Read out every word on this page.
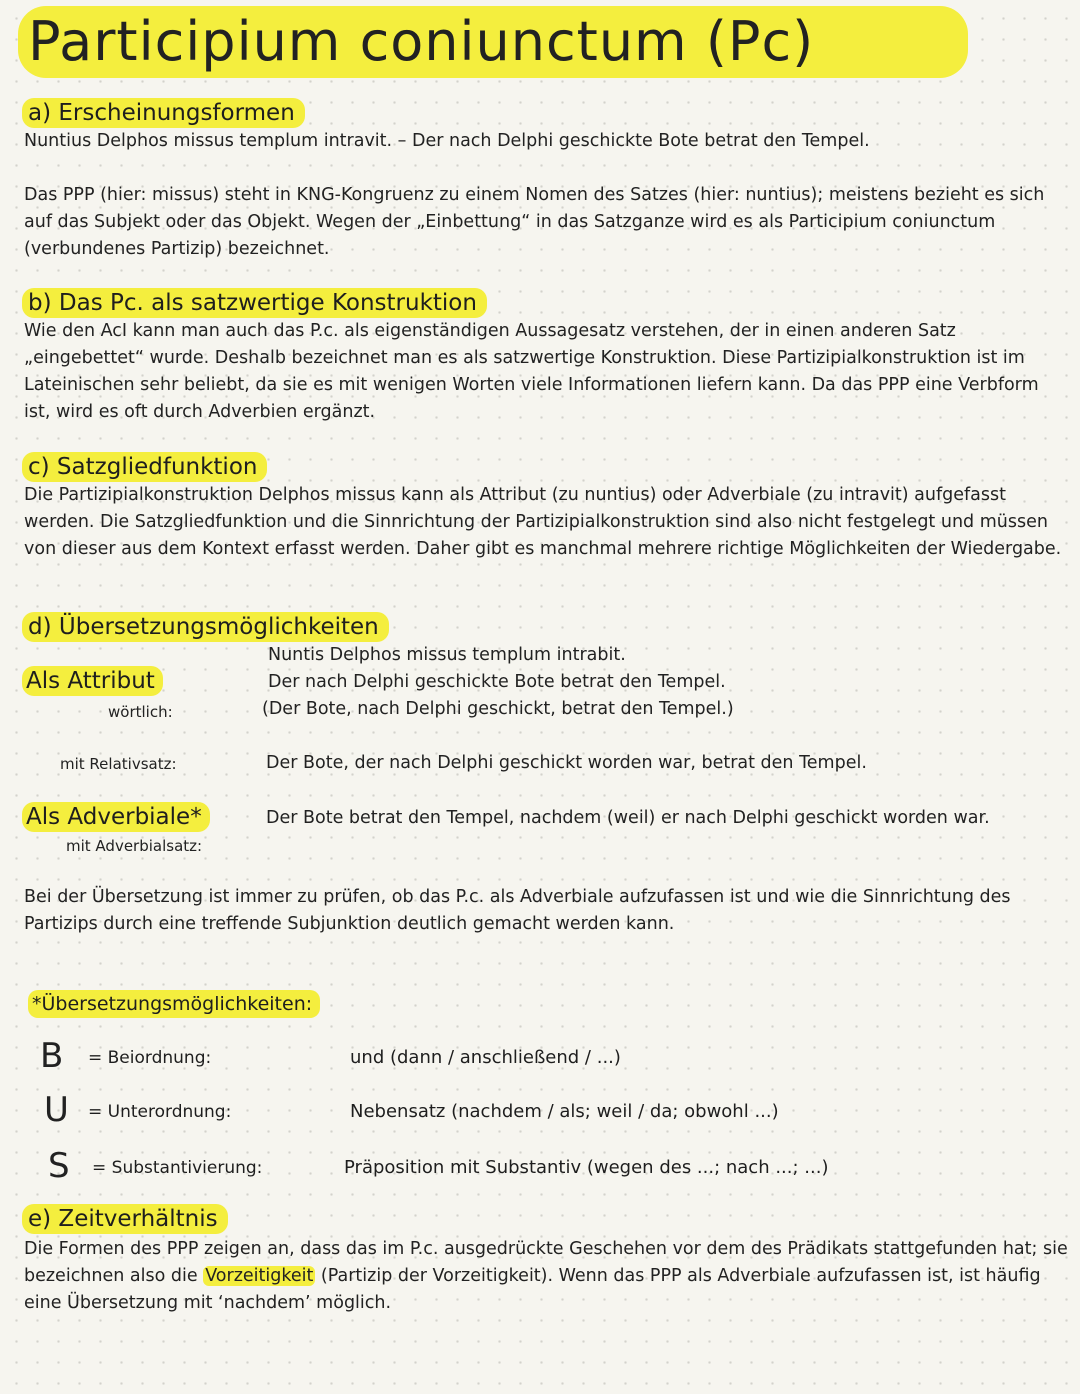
Participium coniunctum (Pc)
a) Erscheinungsformen
Nuntius Delphos missus templum intravit. – Der nach Delphi geschickte Bote betrat den Tempel.
Das PPP (hier: missus) steht in KNG-Kongruenz zu einem Nomen des Satzes (hier: nuntius); meistens bezieht es sich auf das Subjekt oder das Objekt. Wegen der „Einbettung“ in das Satzganze wird es als Participium coniunctum (verbundenes Partizip) bezeichnet.
b) Das Pc. als satzwertige Konstruktion
Wie den AcI kann man auch das P.c. als eigenständigen Aussagesatz verstehen, der in einen anderen Satz „eingebettet“ wurde. Deshalb bezeichnet man es als satzwertige Konstruktion. Diese Partizipialkonstruktion ist im Lateinischen sehr beliebt, da sie es mit wenigen Worten viele Informationen liefern kann. Da das PPP eine Verbform ist, wird es oft durch Adverbien ergänzt.
c) Satzgliedfunktion
Die Partizipialkonstruktion Delphos missus kann als Attribut (zu nuntius) oder Adverbiale (zu intravit) aufgefasst werden. Die Satzgliedfunktion und die Sinnrichtung der Partizipialkonstruktion sind also nicht festgelegt und müssen von dieser aus dem Kontext erfasst werden. Daher gibt es manchmal mehrere richtige Möglichkeiten der Wiedergabe.
d) Übersetzungsmöglichkeiten
Nuntis Delphos missus templum intrabit.
Als Attribut	Der nach Delphi geschickte Bote betrat den Tempel.
wörtlich:	(Der Bote, nach Delphi geschickt, betrat den Tempel.)
mit Relativsatz:	Der Bote, der nach Delphi geschickt worden war, betrat den Tempel.
Als Adverbiale*	Der Bote betrat den Tempel, nachdem (weil) er nach Delphi geschickt worden war.
mit Adverbialsatz:
Bei der Übersetzung ist immer zu prüfen, ob das P.c. als Adverbiale aufzufassen ist und wie die Sinnrichtung des Partizips durch eine treffende Subjunktion deutlich gemacht werden kann.
*Übersetzungsmöglichkeiten:
B = Beiordnung:	und (dann / anschließend / ...)
U = Unterordnung:	Nebensatz (nachdem / als; weil / da; obwohl ...)
S = Substantivierung:	Präposition mit Substantiv (wegen des ...; nach ...; ...)
e) Zeitverhältnis
Die Formen des PPP zeigen an, dass das im P.c. ausgedrückte Geschehen vor dem des Prädikats stattgefunden hat; sie bezeichnen also die Vorzeitigkeit (Partizip der Vorzeitigkeit). Wenn das PPP als Adverbiale aufzufassen ist, ist häufig eine Übersetzung mit ‘nachdem’ möglich.
